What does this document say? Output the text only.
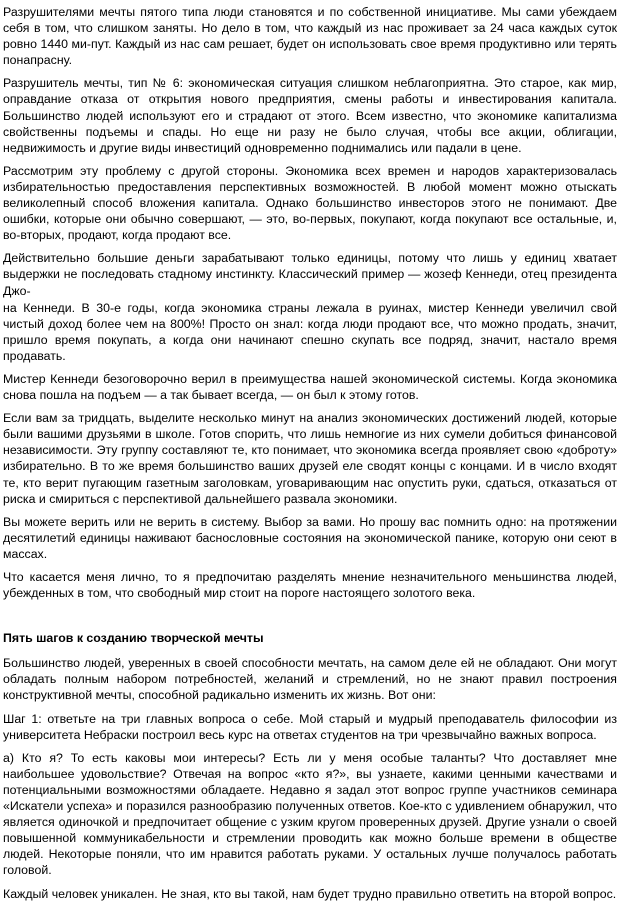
Разрушителями мечты пятого типа люди становятся и по собственной инициативе. Мы сами убеждаем себя в том, что слишком заняты. Но дело в том, что каждый из нас проживает за 24 часа каждых суток ровно 1440 ми-пут. Каждый из нас сам решает, будет он использовать свое время продуктивно или терять понапрасну.

Разрушитель мечты, тип № 6: экономическая ситуация слишком неблагоприятна. Это старое, как мир, оправдание отказа от открытия нового предприятия, смены работы и инвестирования капитала. Большинство людей используют его и страдают от этого. Всем известно, что экономике капитализма свойственны подъемы и спады. Но еще ни разу не было случая, чтобы все акции, облигации, недвижимость и другие виды инвестиций одновременно поднимались или падали в цене.

Рассмотрим эту проблему с другой стороны. Экономика всех времен и народов характеризовалась избирательностью предоставления перспективных возможностей. В любой момент можно отыскать великолепный способ вложения капитала. Однако большинство инвесторов этого не понимают. Две ошибки, которые они обычно совершают, — это, во-первых, покупают, когда покупают все остальные, и, во-вторых, продают, когда продают все.

Действительно большие деньги зарабатывают только единицы, потому что лишь у единиц хватает выдержки не последовать стадному инстинкту. Классический пример — жозеф Кеннеди, отец президента Джо-

на Кеннеди. В 30-е годы, когда экономика страны лежала в руинах, мистер Кеннеди увеличил свой чистый доход более чем на 800%! Просто он знал: когда люди продают все, что можно продать, значит, пришло время покупать, а когда они начинают спешно скупать все подряд, значит, настало время продавать.

Мистер Кеннеди безоговорочно верил в преимущества нашей экономической системы. Когда экономика снова пошла на подъем — а так бывает всегда, — он был к этому готов.

Если вам за тридцать, выделите несколько минут на анализ экономических достижений людей, которые были вашими друзьями в школе. Готов спорить, что лишь немногие из них сумели добиться финансовой независимости. Эту группу составляют те, кто понимает, что экономика всегда проявляет свою «доброту» избирательно. В то же время большинство ваших друзей еле сводят концы с концами. И в число входят те, кто верит пугающим газетным заголовкам, уговаривающим нас опустить руки, сдаться, отказаться от риска и смириться с перспективой дальнейшего развала экономики.

Вы можете верить или не верить в систему. Выбор за вами. Но прошу вас помнить одно: на протяжении десятилетий единицы наживают баснословные состояния на экономической панике, которую они сеют в массах.

Что касается меня лично, то я предпочитаю разделять мнение незначительного меньшинства людей, убежденных в том, что свободный мир стоит на пороге настоящего золотого века.

Пять шагов к созданию творческой мечты

Большинство людей, уверенных в своей способности мечтать, на самом деле ей не обладают. Они могут обладать полным набором потребностей, желаний и стремлений, но не знают правил построения конструктивной мечты, способной радикально изменить их жизнь. Вот они:

Шаг 1: ответьте на три главных вопроса о себе. Мой старый и мудрый преподаватель философии из университета Небраски построил весь курс на ответах студентов на три чрезвычайно важных вопроса.

а) Кто я? То есть каковы мои интересы? Есть ли у меня особые таланты? Что доставляет мне наибольшее удовольствие? Отвечая на вопрос «кто я?», вы узнаете, какими ценными качествами и потенциальными возможностями обладаете. Недавно я задал этот вопрос группе участников семинара «Искатели успеха» и поразился разнообразию полученных ответов. Кое-кто с удивлением обнаружил, что является одиночкой и предпочитает общение с узким кругом проверенных друзей. Другие узнали о своей повышенной коммуникабельности и стремлении проводить как можно больше времени в обществе людей. Некоторые поняли, что им нравится работать руками. У остальных лучше получалось работать головой.

Каждый человек уникален. Не зная, кто вы такой, нам будет трудно правильно ответить на второй вопрос.
